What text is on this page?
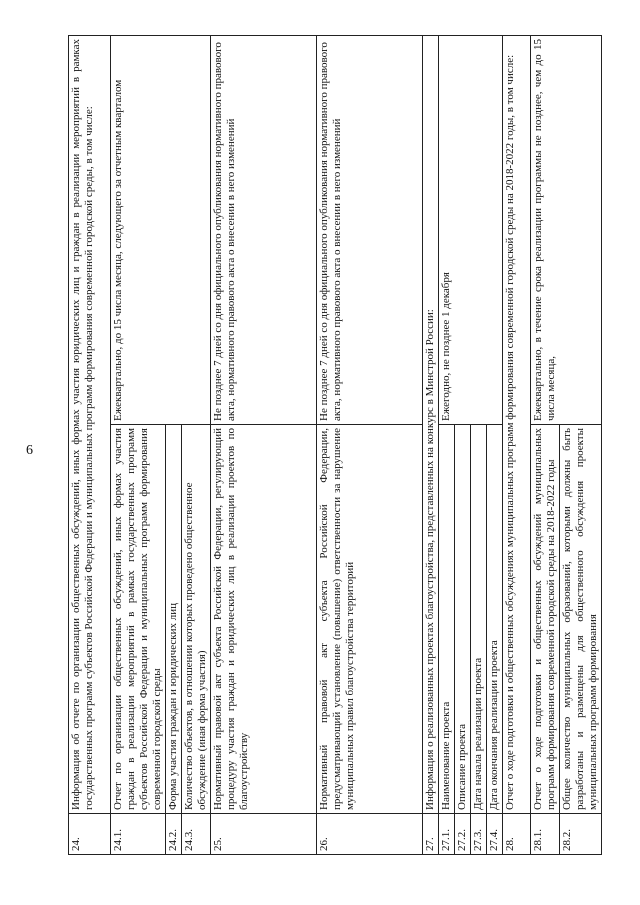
6
24.	Информация об отчете по организации общественных обсуждений, иных формах участия юридических лиц и граждан в реализации мероприятий в рамках государственных программ субъектов Российской Федерации и муниципальных программ формирования современной городской среды, в том числе:	
24.1.	Отчет по организации общественных обсуждений, иных формах участия граждан в реализации мероприятий в рамках государственных программ субъектов Российской Федерации и муниципальных программ формирования современной городской среды	Ежеквартально, до 15 числа месяца, следующего за отчетным кварталом
24.2.	Форма участия граждан и юридических лиц	
24.3.	Количество объектов, в отношении которых проведено общественное обсуждение (иная форма участия)	
25.	Нормативный правовой акт субъекта Российской Федерации, регулирующий процедуру участия граждан и юридических лиц в реализации проектов по благоустройству	Не позднее 7 дней со дня официального опубликования нормативного правового акта, нормативного правового акта о внесении в него изменений
26.	Нормативный правовой акт субъекта Российской Федерации, предусматривающий установление (повышение) ответственности за нарушение муниципальных правил благоустройства территорий	Не позднее 7 дней со дня официального опубликования нормативного правового акта, нормативного правового акта о внесении в него изменений
27.	Информация о реализованных проектах благоустройства, представленных на конкурс в Минстрой России:	
27.1.	Наименование проекта	Ежегодно, не позднее 1 декабря
27.2.	Описание проекта	
27.3.	Дата начала реализации проекта	
27.4.	Дата окончания реализации проекта	
28.	Отчет о ходе подготовки и общественных обсуждениях муниципальных программ формирования современной городской среды на 2018-2022 годы, в том числе:	
28.1.	Отчет о ходе подготовки и общественных обсуждений муниципальных программ формирования современной городской среды на 2018-2022 годы	Ежеквартально, в течение срока реализации программы не позднее, чем до 15 числа месяца,
28.2.	Общее количество муниципальных образований, которыми должны быть разработаны и размещены для общественного обсуждения проекты муниципальных программ формирования	
